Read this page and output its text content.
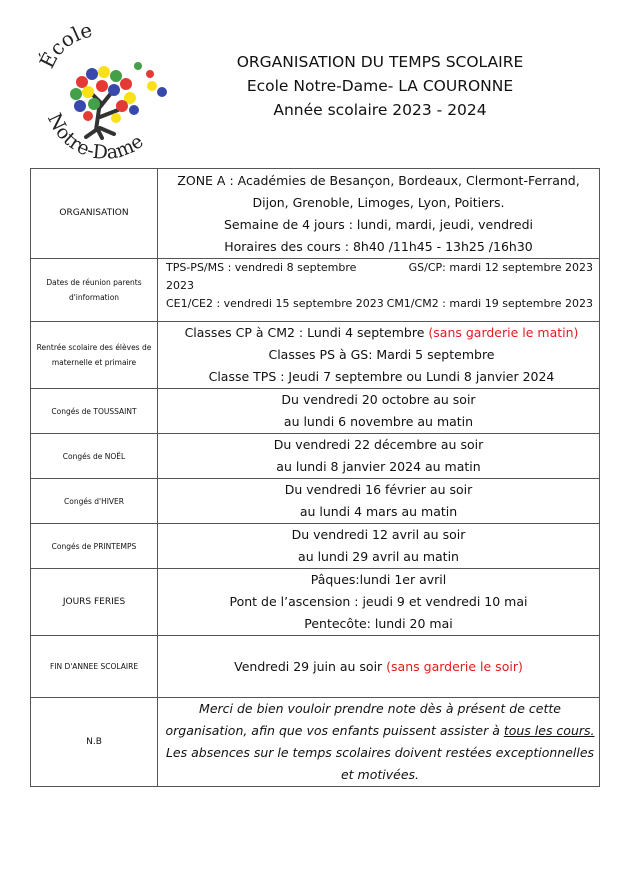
École
Notre-Dame
ORGANISATION DU TEMPS SCOLAIRE
Ecole Notre-Dame- LA COURONNE
Année scolaire 2023 - 2024
ORGANISATION	ZONE A : Académies de Besançon, Bordeaux, Clermont-Ferrand, Dijon, Grenoble, Limoges, Lyon, Poitiers.
Semaine de 4 jours : lundi, mardi, jeudi, vendredi
Horaires des cours : 8h40 /11h45 - 13h25 /16h30

Dates de réunion parents d'information	TPS-PS/MS : vendredi 8 septembre 2023
GS/CP: mardi 12 septembre 2023
CE1/CE2 : vendredi 15 septembre 2023 CM1/CM2 : mardi 19 septembre 2023

Rentrée scolaire des élèves de maternelle et primaire	Classes CP à CM2 : Lundi 4 septembre (sans garderie le matin)
Classes PS à GS: Mardi 5 septembre
Classe TPS : Jeudi 7 septembre ou Lundi 8 janvier 2024

Congés de TOUSSAINT	Du vendredi 20 octobre au soir
au lundi 6 novembre au matin

Congés de NOËL	Du vendredi 22 décembre au soir
au lundi 8 janvier 2024 au matin

Congés d'HIVER	Du vendredi 16 février au soir
au lundi 4 mars au matin

Congés de PRINTEMPS	Du vendredi 12 avril au soir
au lundi 29 avril au matin

JOURS FERIES	Pâques:lundi 1er avril
Pont de l’ascension : jeudi 9 et vendredi 10 mai
Pentecôte: lundi 20 mai

FIN D'ANNEE SCOLAIRE	Vendredi 29 juin au soir (sans garderie le soir)
N.B	Merci de bien vouloir prendre note dès à présent de cette organisation, afin que vos enfants puissent assister à tous les cours. Les absences sur le temps scolaires doivent restées exceptionnelles et motivées.
